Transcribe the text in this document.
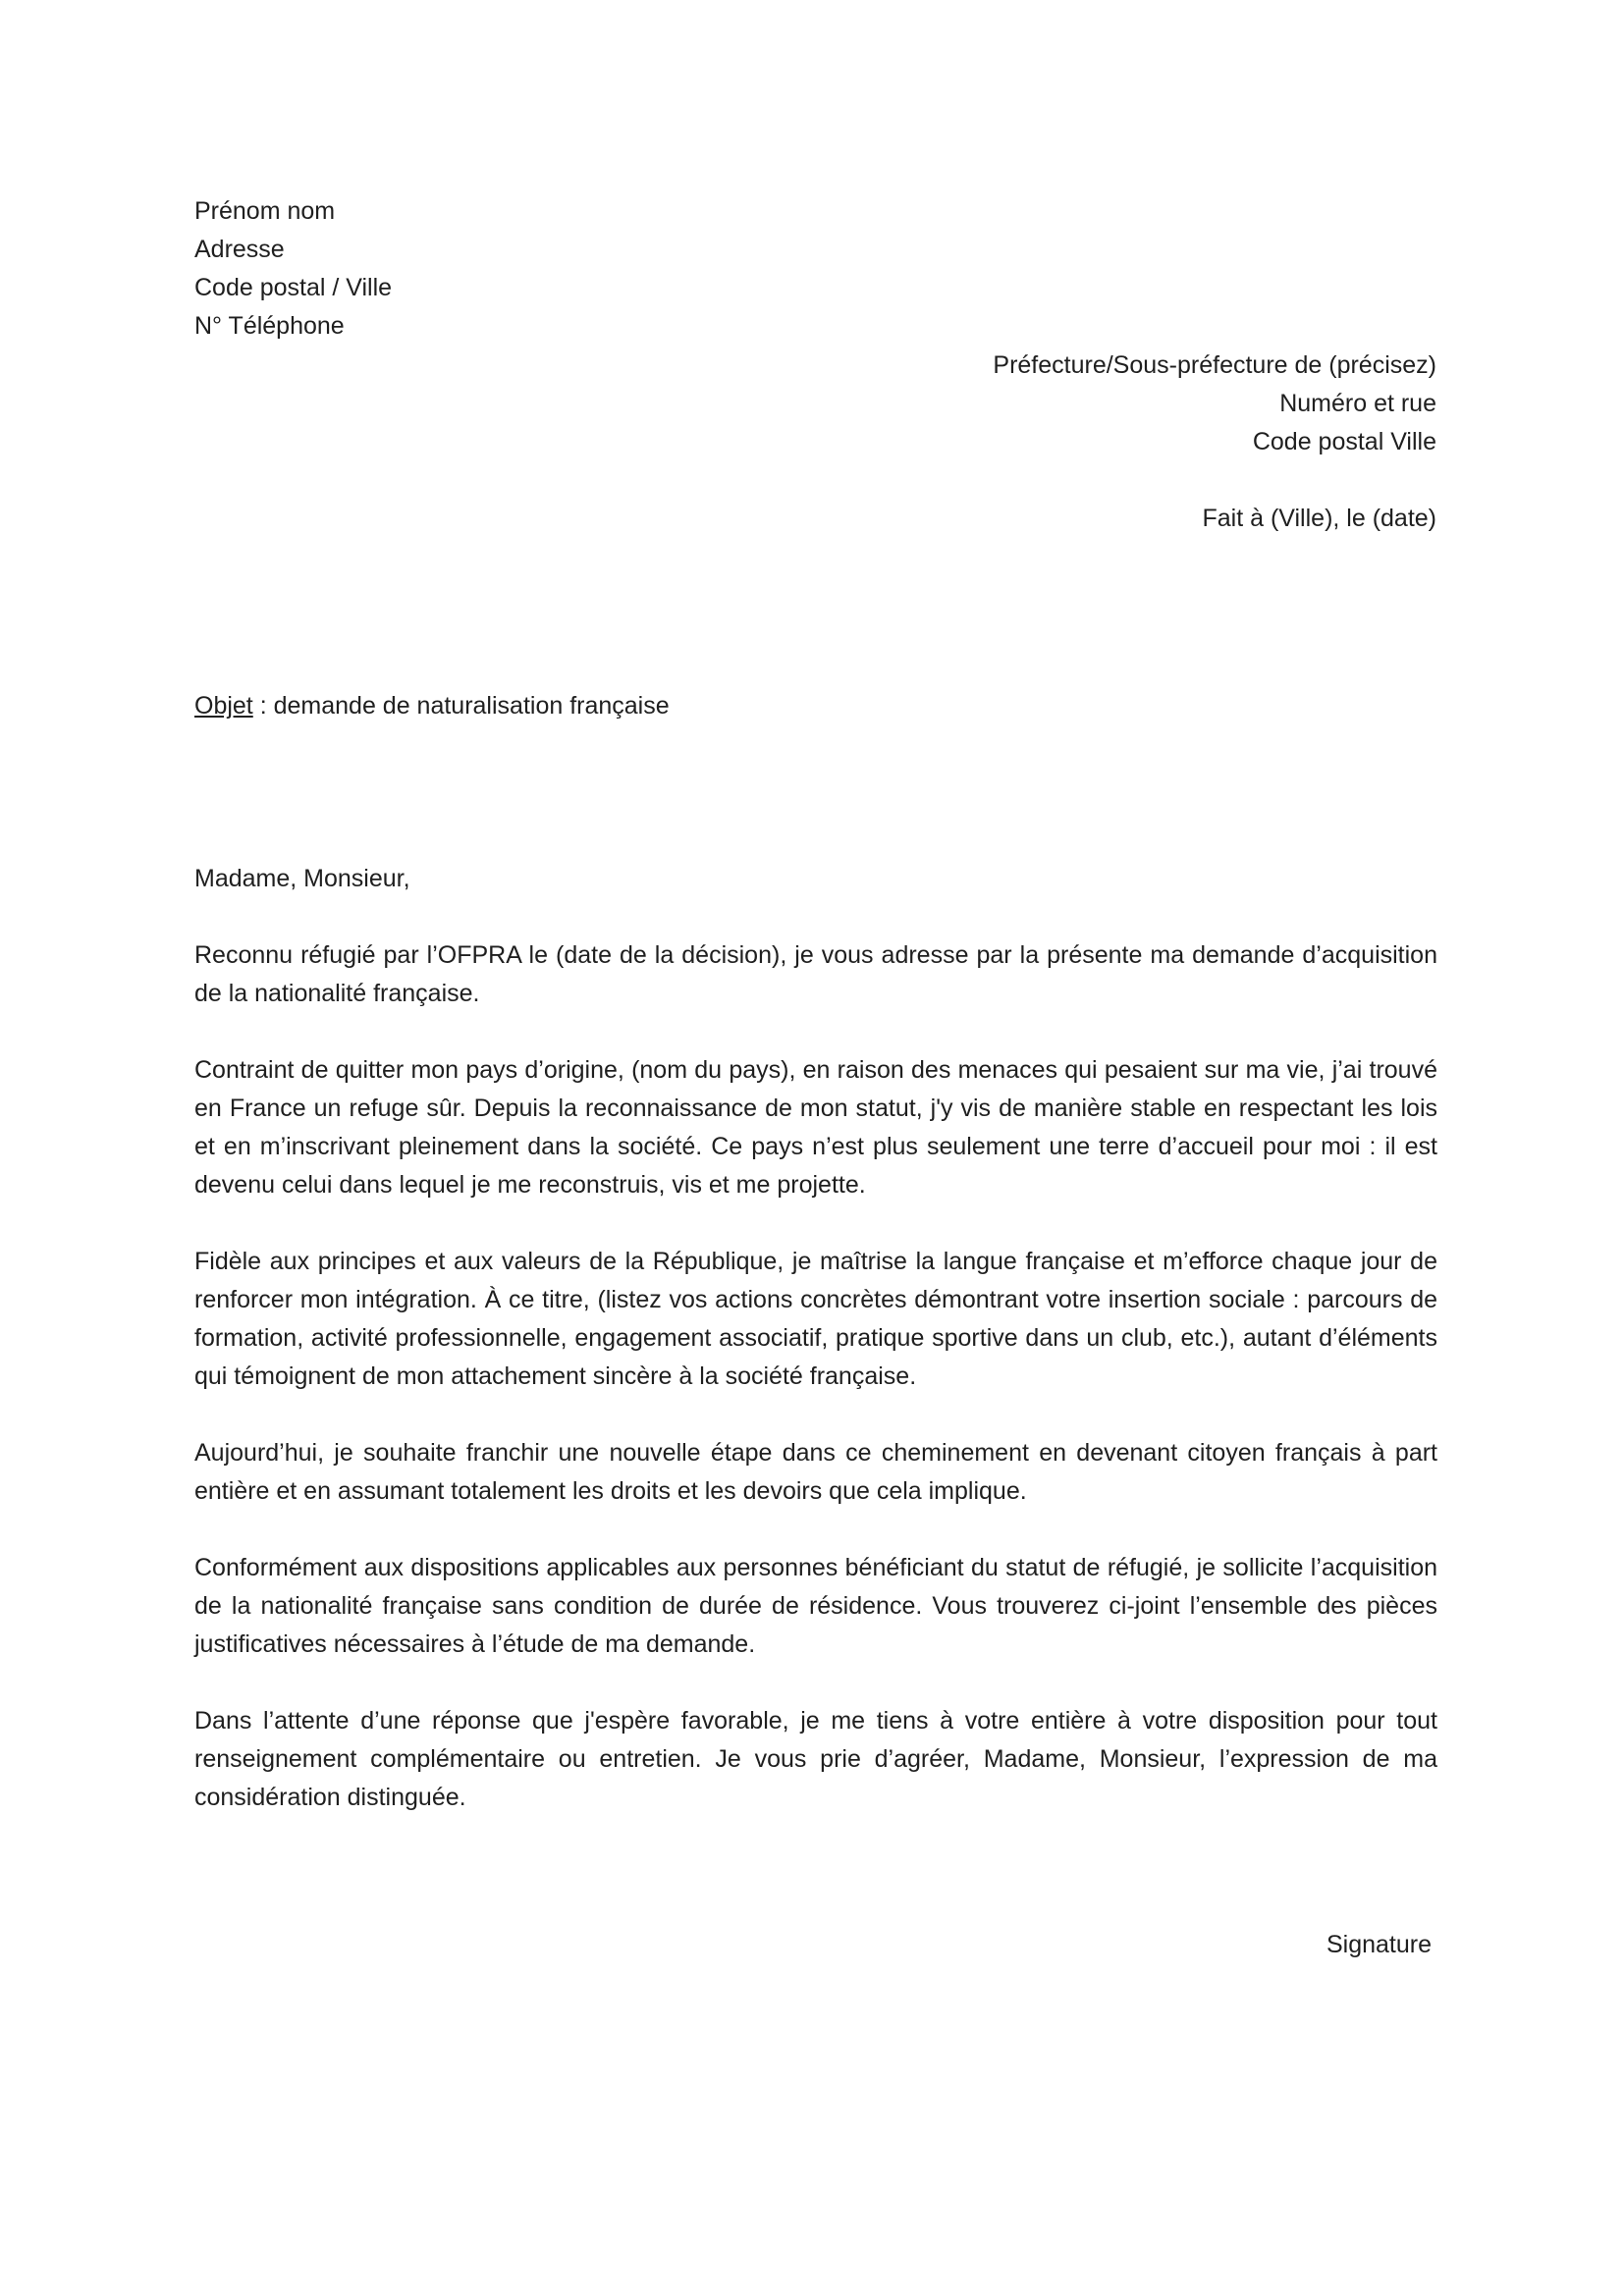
Prénom nom
Adresse
Code postal / Ville
N° Téléphone
Préfecture/Sous-préfecture de (précisez)
Numéro et rue
Code postal Ville
Fait à (Ville), le (date)
Objet : demande de naturalisation française
Madame, Monsieur,

Reconnu réfugié par l’OFPRA le (date de la décision), je vous adresse par la présente ma demande d’acquisition de la nationalité française.

Contraint de quitter mon pays d’origine, (nom du pays), en raison des menaces qui pesaient sur ma vie, j’ai trouvé en France un refuge sûr. Depuis la reconnaissance de mon statut, j'y vis de manière stable en respectant les lois et en m’inscrivant pleinement dans la société. Ce pays n’est plus seulement une terre d’accueil pour moi : il est devenu celui dans lequel je me reconstruis, vis et me projette.

Fidèle aux principes et aux valeurs de la République, je maîtrise la langue française et m’efforce chaque jour de renforcer mon intégration. À ce titre, (listez vos actions concrètes démontrant votre insertion sociale : parcours de formation, activité professionnelle, engagement associatif, pratique sportive dans un club, etc.), autant d’éléments qui témoignent de mon attachement sincère à la société française.

Aujourd’hui, je souhaite franchir une nouvelle étape dans ce cheminement en devenant citoyen français à part entière et en assumant totalement les droits et les devoirs que cela implique.

Conformément aux dispositions applicables aux personnes bénéficiant du statut de réfugié, je sollicite l’acquisition de la nationalité française sans condition de durée de résidence. Vous trouverez ci-joint l’ensemble des pièces justificatives nécessaires à l’étude de ma demande.

Dans l’attente d’une réponse que j'espère favorable, je me tiens à votre entière à votre disposition pour tout renseignement complémentaire ou entretien. Je vous prie d’agréer, Madame, Monsieur, l’expression de ma considération distinguée.

Signature
